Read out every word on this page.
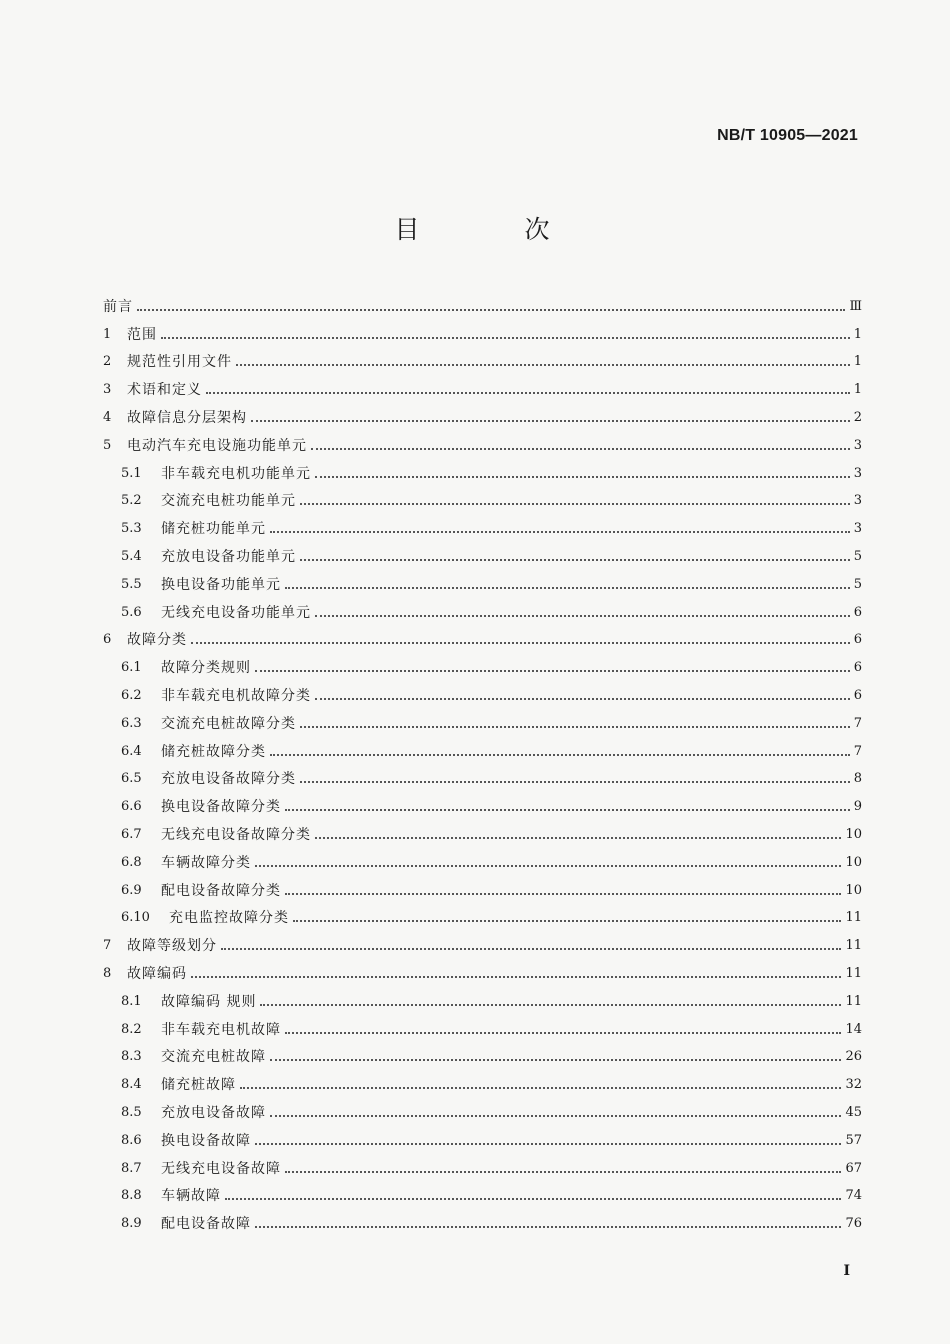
NB/T 10905—2021
目　次
前言	Ⅲ
1	范围	1
2	规范性引用文件	1
3	术语和定义	1
4	故障信息分层架构	2
5	电动汽车充电设施功能单元	3
5.1	非车载充电机功能单元	3
5.2	交流充电桩功能单元	3
5.3	储充桩功能单元	3
5.4	充放电设备功能单元	5
5.5	换电设备功能单元	5
5.6	无线充电设备功能单元	6
6	故障分类	6
6.1	故障分类规则	6
6.2	非车载充电机故障分类	6
6.3	交流充电桩故障分类	7
6.4	储充桩故障分类	7
6.5	充放电设备故障分类	8
6.6	换电设备故障分类	9
6.7	无线充电设备故障分类	10
6.8	车辆故障分类	10
6.9	配电设备故障分类	10
6.10	充电监控故障分类	11
7	故障等级划分	11
8	故障编码	11
8.1	故障编码 规则	11
8.2	非车载充电机故障	14
8.3	交流充电桩故障	26
8.4	储充桩故障	32
8.5	充放电设备故障	45
8.6	换电设备故障	57
8.7	无线充电设备故障	67
8.8	车辆故障	74
8.9	配电设备故障	76
I
